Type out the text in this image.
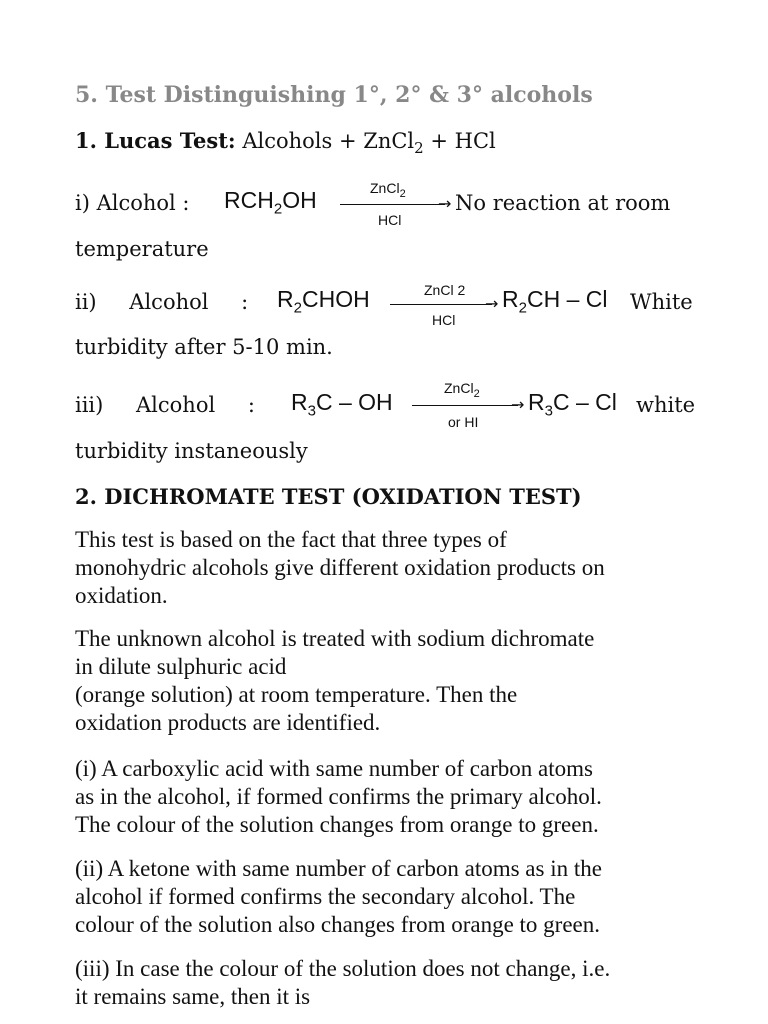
5. Test Distinguishing 1°, 2° & 3° alcohols
1. Lucas Test: Alcohols + ZnCl$_2$ + HCl
i) Alcohol : $RCH_2OH$	ZnCl$_2$
→
HCl
No reaction at room
temperature
ii) Alcohol : $R_2CHOH$	ZnCl 2
→
HCl
$R_2CH$ – Cl White
turbidity after 5-10 min.
iii) Alcohol : $R_3C$ – OH
ZnCl$_2$
→
or HI
$R_3C$ – Cl white
turbidity instaneously
2. DICHROMATE TEST (OXIDATION TEST)
This test is based on the fact that three types of
monohydric alcohols give different oxidation products on
oxidation.
The unknown alcohol is treated with sodium dichromate
in dilute sulphuric acid
(orange solution) at room temperature. Then the
oxidation products are identified.
(i) A carboxylic acid with same number of carbon atoms
as in the alcohol, if formed confirms the primary alcohol.
The colour of the solution changes from orange to green.
(ii) A ketone with same number of carbon atoms as in the
alcohol if formed confirms the secondary alcohol. The
colour of the solution also changes from orange to green.
(iii) In case the colour of the solution does not change, i.e.
it remains same, then it is
